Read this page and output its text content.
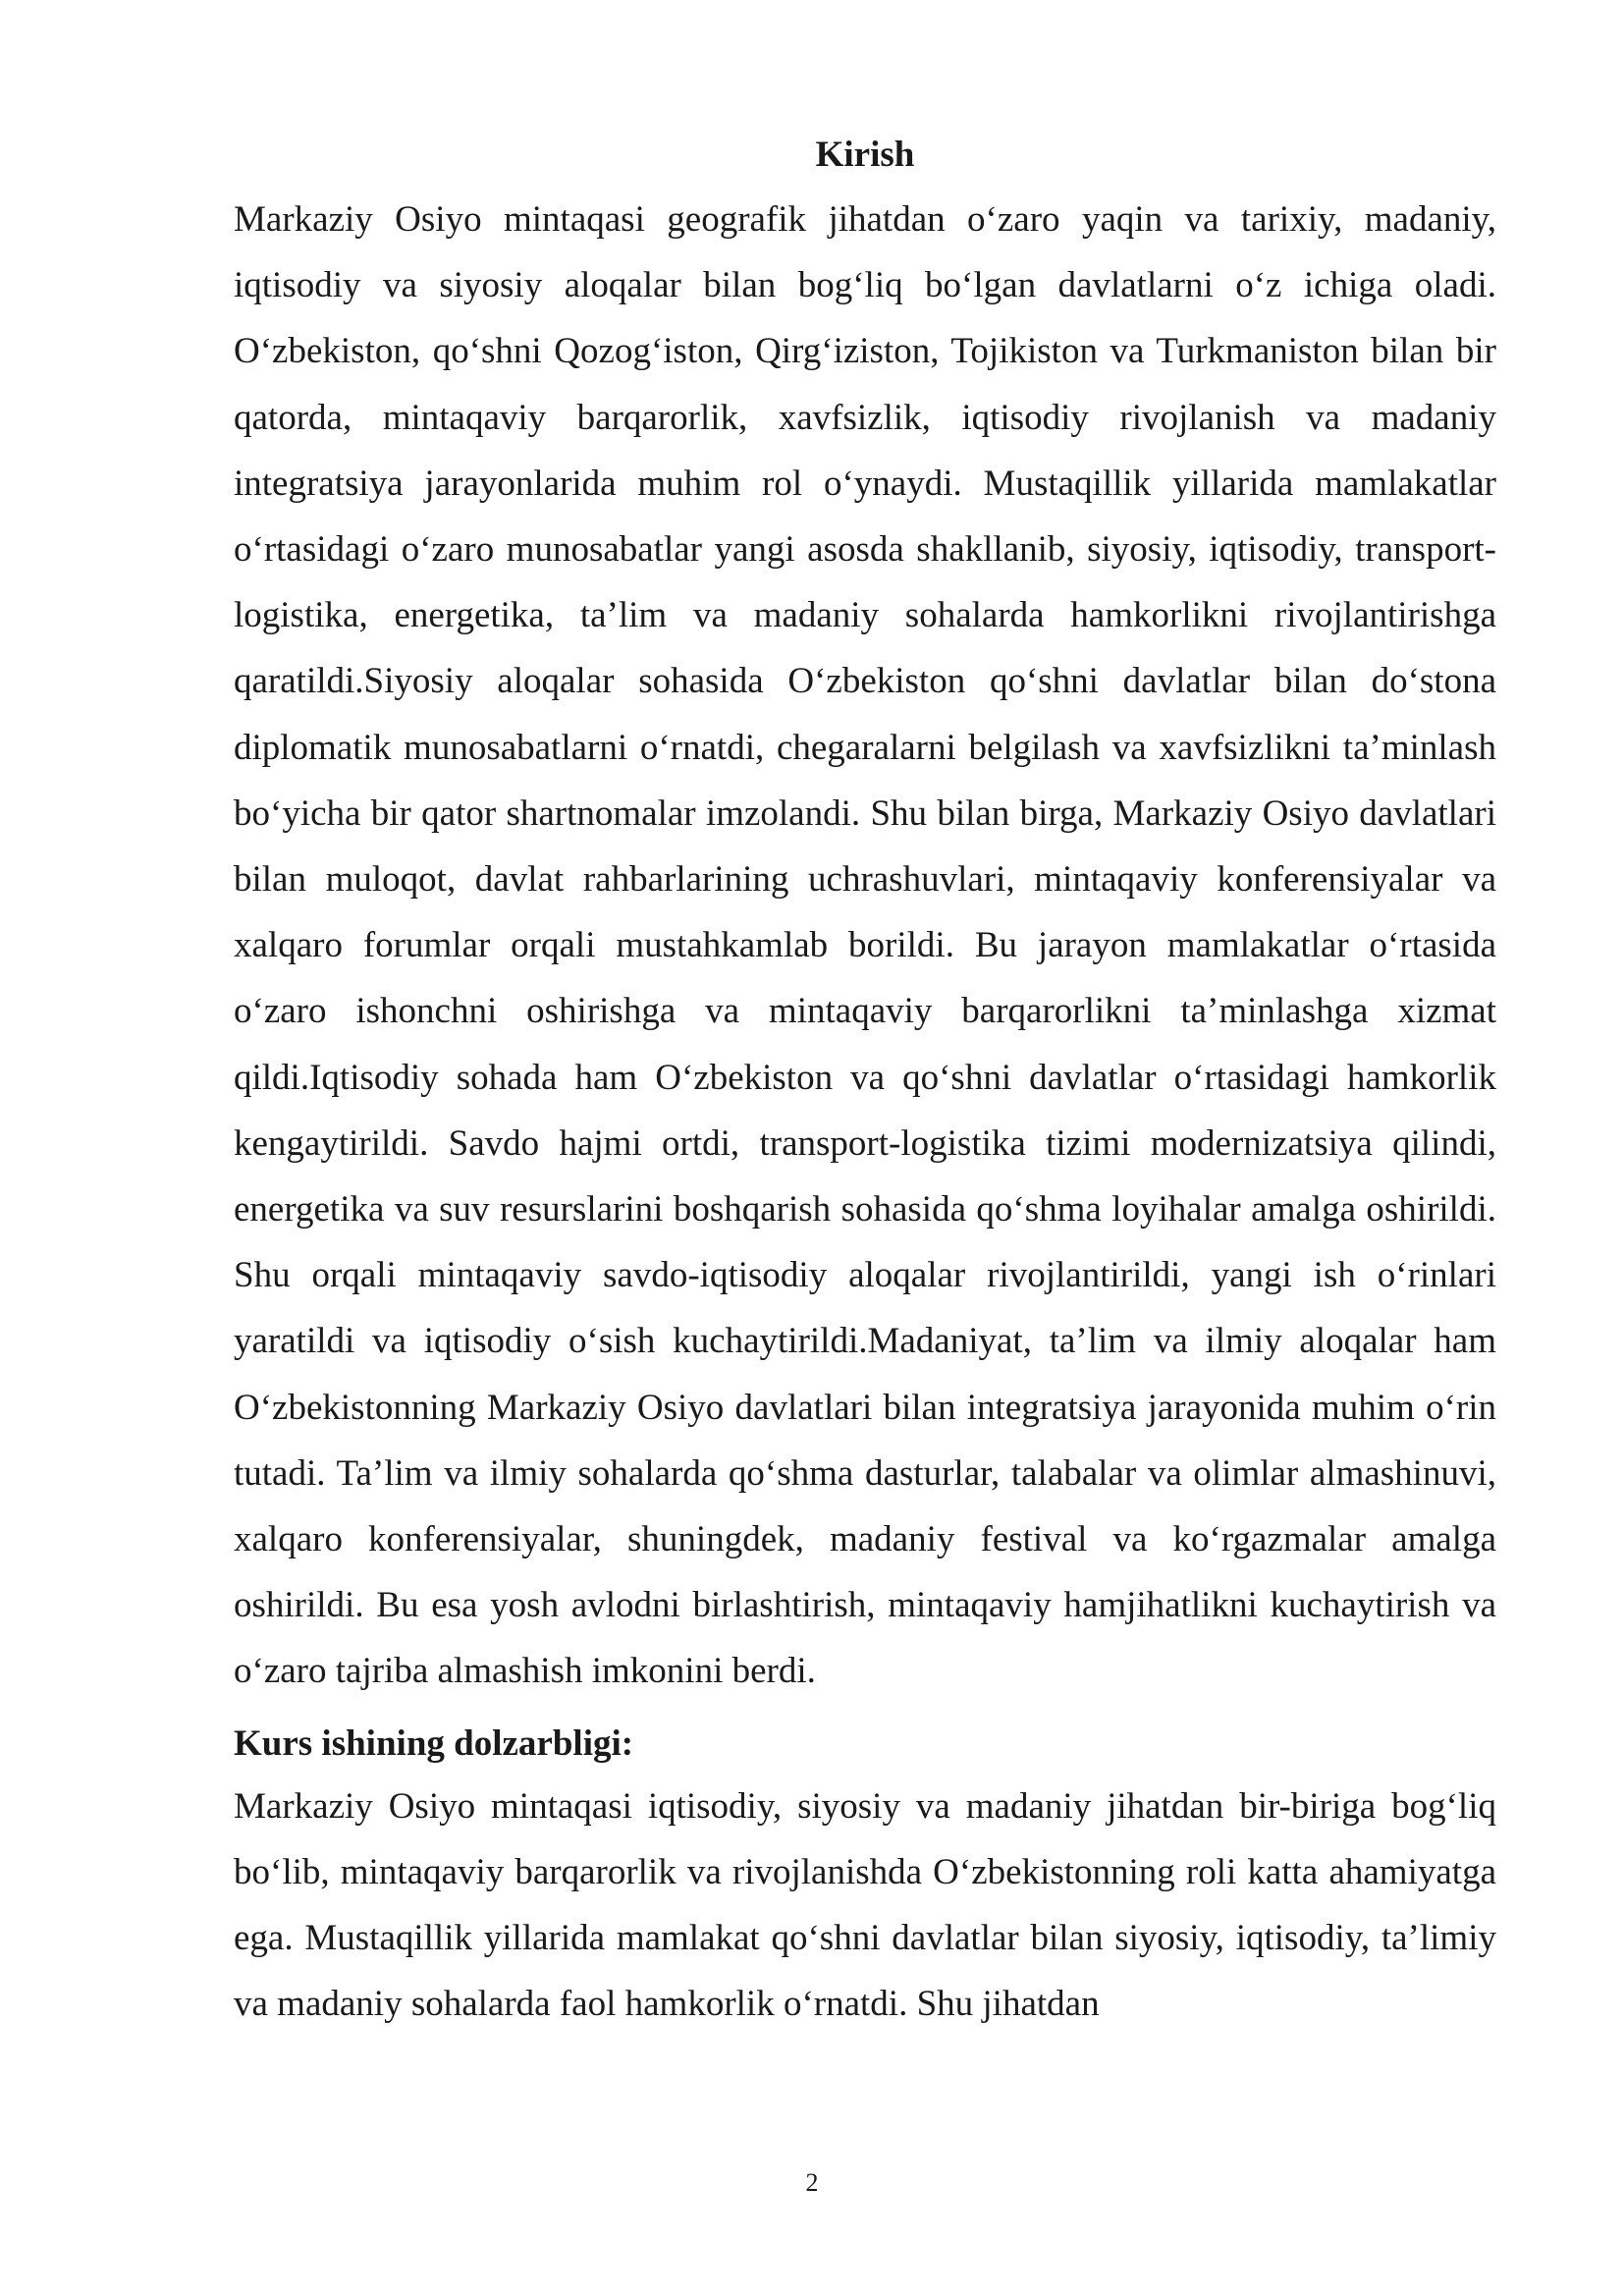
Kirish

Markaziy Osiyo mintaqasi geografik jihatdan o‘zaro yaqin va tarixiy, madaniy, iqtisodiy va siyosiy aloqalar bilan bog‘liq bo‘lgan davlatlarni o‘z ichiga oladi. O‘zbekiston, qo‘shni Qozog‘iston, Qirg‘iziston, Tojikiston va Turkmaniston bilan bir qatorda, mintaqaviy barqarorlik, xavfsizlik, iqtisodiy rivojlanish va madaniy integratsiya jarayonlarida muhim rol o‘ynaydi. Mustaqillik yillarida mamlakatlar o‘rtasidagi o‘zaro munosabatlar yangi asosda shakllanib, siyosiy, iqtisodiy, transport-logistika, energetika, ta’lim va madaniy sohalarda hamkorlikni rivojlantirishga qaratildi.Siyosiy aloqalar sohasida O‘zbekiston qo‘shni davlatlar bilan do‘stona diplomatik munosabatlarni o‘rnatdi, chegaralarni belgilash va xavfsizlikni ta’minlash bo‘yicha bir qator shartnomalar imzolandi. Shu bilan birga, Markaziy Osiyo davlatlari bilan muloqot, davlat rahbarlarining uchrashuvlari, mintaqaviy konferensiyalar va xalqaro forumlar orqali mustahkamlab borildi. Bu jarayon mamlakatlar o‘rtasida o‘zaro ishonchni oshirishga va mintaqaviy barqarorlikni ta’minlashga xizmat qildi.Iqtisodiy sohada ham O‘zbekiston va qo‘shni davlatlar o‘rtasidagi hamkorlik kengaytirildi. Savdo hajmi ortdi, transport-logistika tizimi modernizatsiya qilindi, energetika va suv resurslarini boshqarish sohasida qo‘shma loyihalar amalga oshirildi. Shu orqali mintaqaviy savdo-iqtisodiy aloqalar rivojlantirildi, yangi ish o‘rinlari yaratildi va iqtisodiy o‘sish kuchaytirildi.Madaniyat, ta’lim va ilmiy aloqalar ham O‘zbekistonning Markaziy Osiyo davlatlari bilan integratsiya jarayonida muhim o‘rin tutadi. Ta’lim va ilmiy sohalarda qo‘shma dasturlar, talabalar va olimlar almashinuvi, xalqaro konferensiyalar, shuningdek, madaniy festival va ko‘rgazmalar amalga oshirildi. Bu esa yosh avlodni birlashtirish, mintaqaviy hamjihatlikni kuchaytirish va o‘zaro tajriba almashish imkonini berdi.

Kurs ishining dolzarbligi:

Markaziy Osiyo mintaqasi iqtisodiy, siyosiy va madaniy jihatdan bir-biriga bog‘liq bo‘lib, mintaqaviy barqarorlik va rivojlanishda O‘zbekistonning roli katta ahamiyatga ega. Mustaqillik yillarida mamlakat qo‘shni davlatlar bilan siyosiy, iqtisodiy, ta’limiy va madaniy sohalarda faol hamkorlik o‘rnatdi. Shu jihatdan

2
